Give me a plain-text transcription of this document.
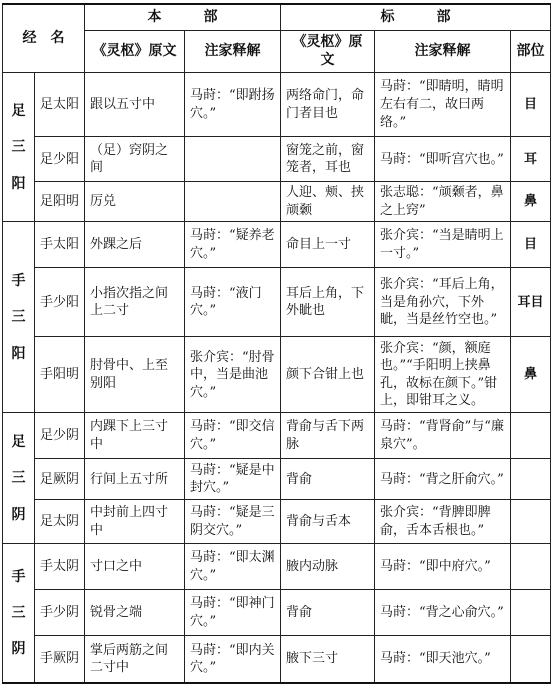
经　名		本　　　部		标　　　部		
		《灵枢》原文	注家释解	《灵枢》原文	注家释解	部位

足
三
阳	足太阳	跟以五寸中	马莳：“即跗扬穴。”	两络命门，命门者目也	马莳：“即睛明，睛明左右有二，故曰两络。”	目
	足少阳	（足）窍阴之间		窗笼之前，窗笼者，耳也	马莳：“即听宫穴也。”	耳
	足阳明	厉兑		人迎、颊、挟颃颡	张志聪：“颃颡者，鼻之上窍”	鼻

手
三
阳	手太阳	外踝之后	马莳：“疑养老穴。”	命目上一寸	张介宾：“当是睛明上一寸。”	目
	手少阳	小指次指之间上二寸	马莳：“液门穴。”	耳后上角，下外眦也	张介宾：“耳后上角，当是角孙穴，下外眦，当是丝竹空也。”	耳目
	手阳明	肘骨中、上至别阳	张介宾：“肘骨中，当是曲池穴。”	颜下合钳上也	张介宾：“颜，额庭也。”“手阳明上挟鼻孔，故标在颜下。”钳上，即钳耳之义。	鼻

足
三
阴	足少阴	内踝下上三寸中	马莳：“即交信穴。”	背俞与舌下两脉	马莳：“背肾俞”与“廉泉穴”。	
	足厥阴	行间上五寸所	马莳：“疑是中封穴。”	背俞	马莳：“背之肝俞穴。”	
	足太阴	中封前上四寸中	马莳：“疑是三阴交穴。”	背俞与舌本	张介宾：“背脾即脾俞，舌本舌根也。”	

手
三
阴	手太阴	寸口之中	马莳：“即太渊穴。”	腋内动脉	马莳：“即中府穴。”	
	手少阴	锐骨之端	马莳：“即神门穴。”	背俞	马莳：“背之心俞穴。”	
	手厥阴	掌后两筋之间二寸中	马莳：“即内关穴。”	腋下三寸	马莳：“即天池穴。”	
